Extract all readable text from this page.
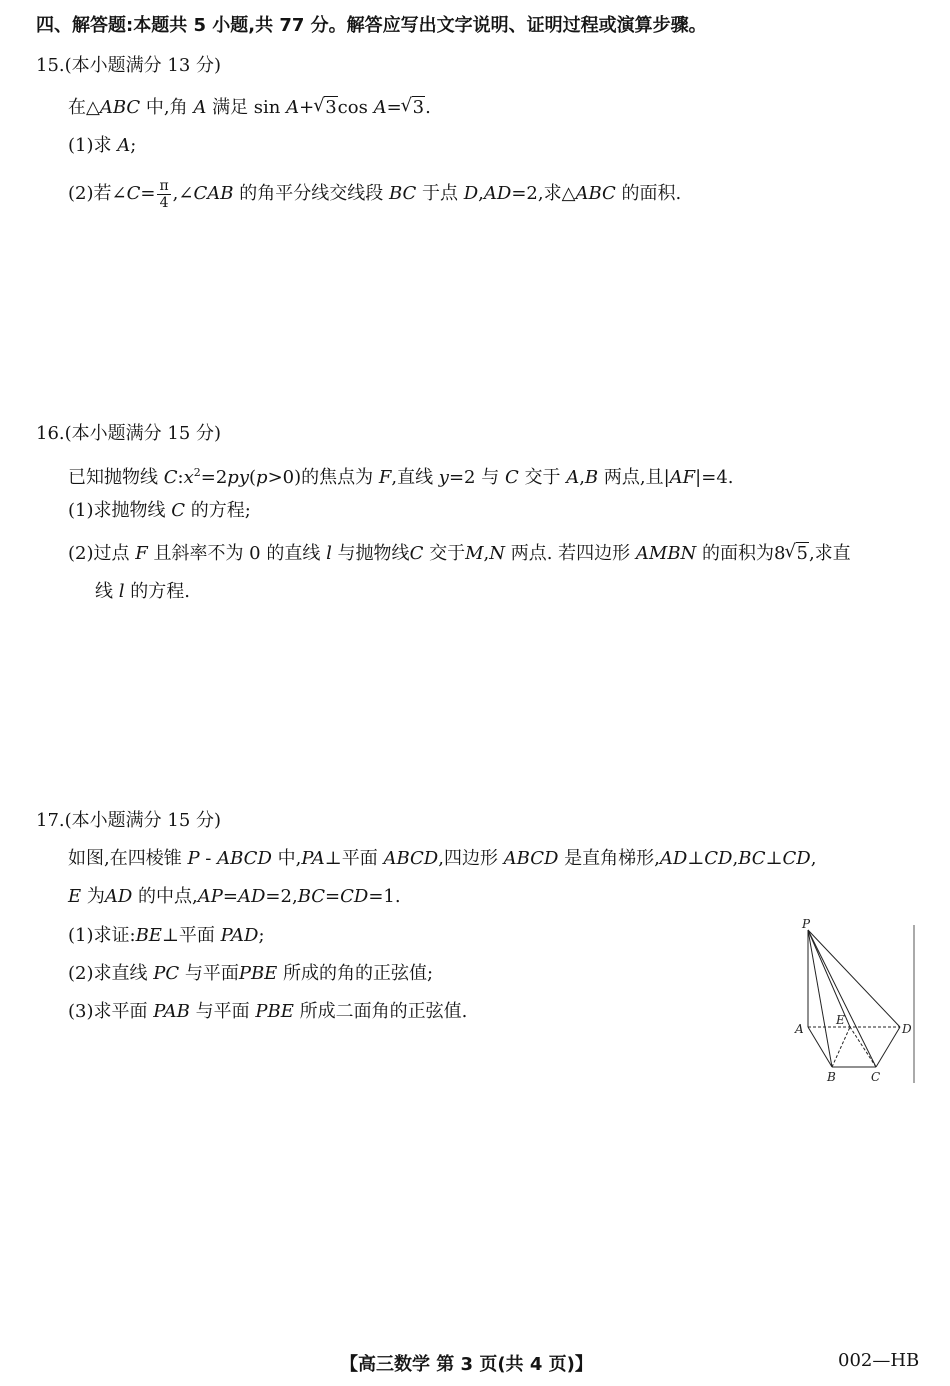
四、解答题:本题共 5 小题,共 77 分。解答应写出文字说明、证明过程或演算步骤。
15.(本小题满分 13 分)
在△ABC 中,角 A 满足 sin A+ √ 3cos A= √ 3.
(1)求 A;
(2)若∠C= $\frac{\pi}{4}$ ,∠CAB 的角平分线交线段 BC 于点 D,AD=2,求△ABC 的面积.
16.(本小题满分 15 分)
已知抛物线 $C:x^2=2py(p>0)$的焦点为 F,直线 y=2 与 C 交于 A,B 两点,且|AF|=4.
(1)求抛物线 C 的方程;
(2)过点 F 且斜率不为 0 的直线 l 与抛物线C 交于M,N 两点. 若四边形 AMBN 的面积为8 √ 5,求直
线 l 的方程.
17.(本小题满分 15 分)
如图,在四棱锥 P - ABCD 中,PA⊥平面 ABCD,四边形 ABCD 是直角梯形,AD⊥CD,BC⊥CD,
E 为AD 的中点,AP=AD=2,BC=CD=1.
(1)求证:BE⊥平面 PAD;
(2)求直线 PC 与平面PBE 所成的角的正弦值;
(3)求平面 PAB 与平面 PBE 所成二面角的正弦值.
P
A
E
D
B	C
【高三数学 第 3 页(共 4 页)】	002—HB
